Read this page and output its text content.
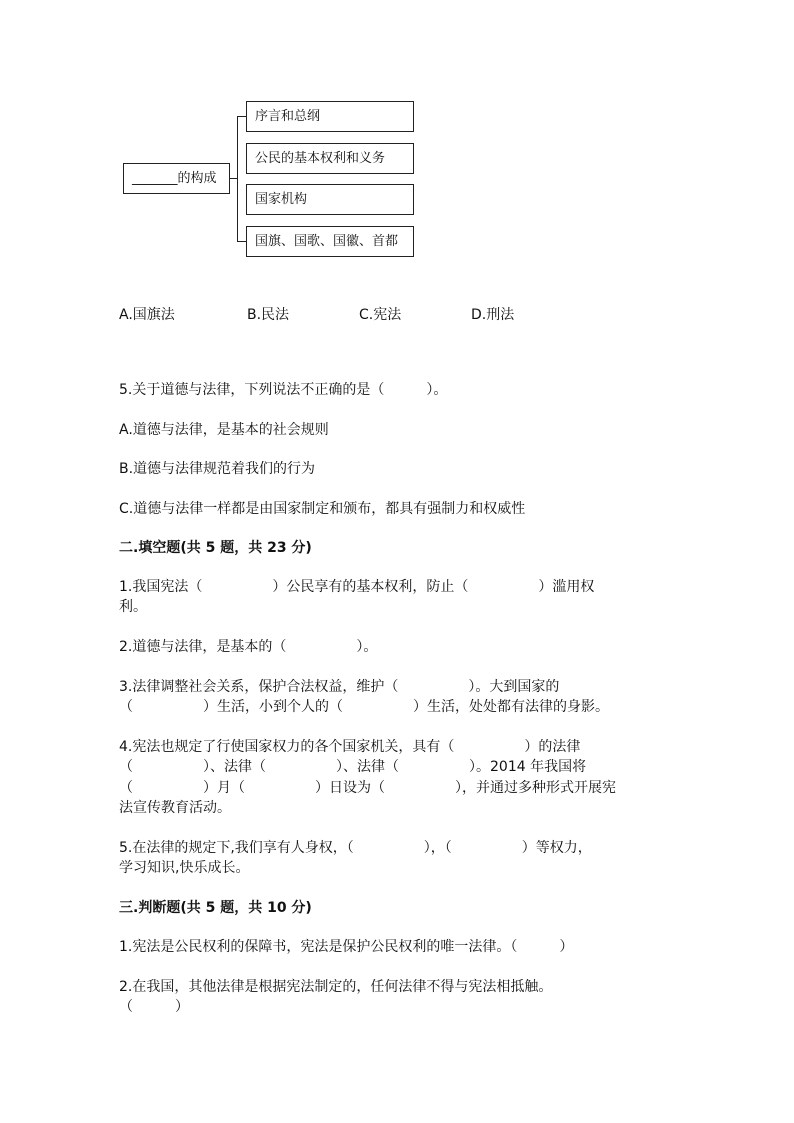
_______的构成
序言和总纲
公民的基本权利和义务
国家机构
国旗、国歌、国徽、首都
A.国旗法	B.民法	C.宪法	D.刑法
5.关于道德与法律，下列说法不正确的是（　　　）。
A.道德与法律，是基本的社会规则
B.道德与法律规范着我们的行为
C.道德与法律一样都是由国家制定和颁布，都具有强制力和权威性
二.填空题(共 5 题，共 23 分)
1.我国宪法（　　　　　）公民享有的基本权利，防止（　　　　　）滥用权
利。
2.道德与法律，是基本的（　　　　　）。
3.法律调整社会关系，保护合法权益，维护（　　　　　）。大到国家的
（　　　　　）生活，小到个人的（　　　　　）生活，处处都有法律的身影。
4.宪法也规定了行使国家权力的各个国家机关，具有（　　　　　）的法律
（　　　　　）、法律（　　　　　）、法律（　　　　　）。2014 年我国将
（　　　　　）月（　　　　　）日设为（　　　　　），并通过多种形式开展宪
法宣传教育活动。
5.在法律的规定下,我们享有人身权，（　　　　　），（　　　　　）等权力，
学习知识,快乐成长。
三.判断题(共 5 题，共 10 分)
1.宪法是公民权利的保障书，宪法是保护公民权利的唯一法律。（　　　）
2.在我国，其他法律是根据宪法制定的，任何法律不得与宪法相抵触。
（　　　）
